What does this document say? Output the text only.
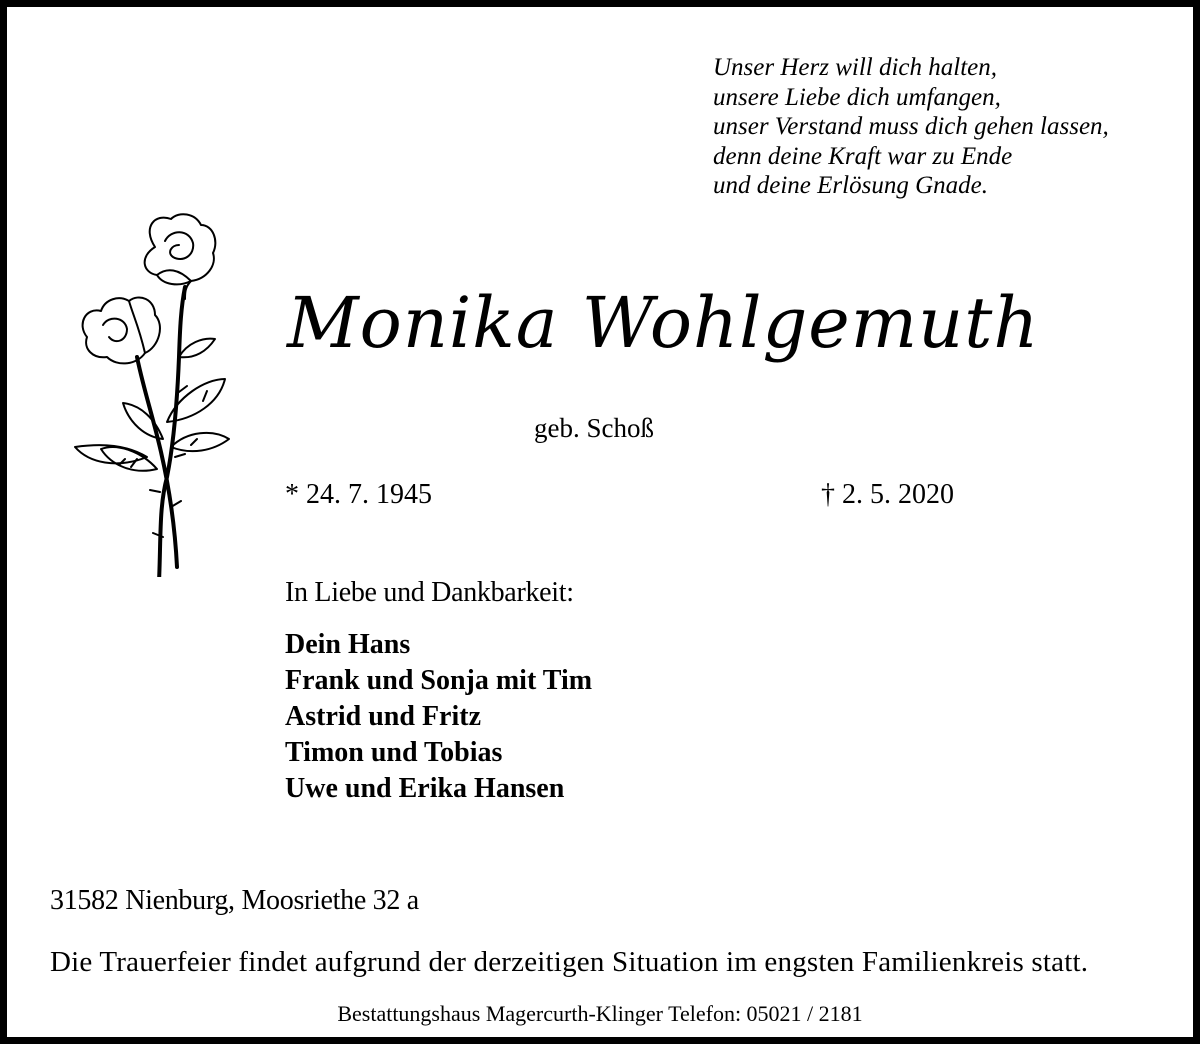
Unser Herz will dich halten,
unsere Liebe dich umfangen,
unser Verstand muss dich gehen lassen,
denn deine Kraft war zu Ende
und deine Erlösung Gnade.
Monika Wohlgemuth
geb. Schoß
* 24. 7. 1945	† 2. 5. 2020
In Liebe und Dankbarkeit:
Dein Hans
Frank und Sonja mit Tim
Astrid und Fritz
Timon und Tobias
Uwe und Erika Hansen
31582 Nienburg, Moosriethe 32 a
Die Trauerfeier findet aufgrund der derzeitigen Situation im engsten Familienkreis statt.
Bestattungshaus Magercurth-Klinger Telefon: 05021 / 2181
